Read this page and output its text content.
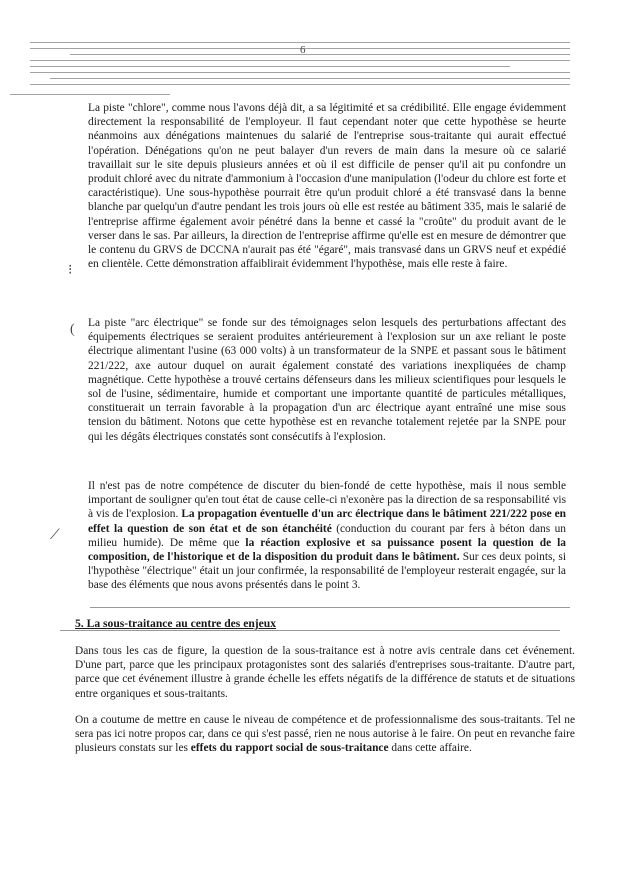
6
La piste "chlore", comme nous l'avons déjà dit, a sa légitimité et sa crédibilité. Elle engage évidemment directement la responsabilité de l'employeur. Il faut cependant noter que cette hypothèse se heurte néanmoins aux dénégations maintenues du salarié de l'entreprise sous-traitante qui aurait effectué l'opération. Dénégations qu'on ne peut balayer d'un revers de main dans la mesure où ce salarié travaillait sur le site depuis plusieurs années et où il est difficile de penser qu'il ait pu confondre un produit chloré avec du nitrate d'ammonium à l'occasion d'une manipulation (l'odeur du chlore est forte et caractéristique). Une sous-hypothèse pourrait être qu'un produit chloré a été transvasé dans la benne blanche par quelqu'un d'autre pendant les trois jours où elle est restée au bâtiment 335, mais le salarié de l'entreprise affirme également avoir pénétré dans la benne et cassé la "croûte" du produit avant de le verser dans le sas. Par ailleurs, la direction de l'entreprise affirme qu'elle est en mesure de démontrer que le contenu du GRVS de DCCNA n'aurait pas été "égaré", mais transvasé dans un GRVS neuf et expédié en clientèle. Cette démonstration affaiblirait évidemment l'hypothèse, mais elle reste à faire.
⁝
( La piste "arc électrique" se fonde sur des témoignages selon lesquels des perturbations affectant des équipements électriques se seraient produites antérieurement à l'explosion sur un axe reliant le poste électrique alimentant l'usine (63 000 volts) à un transformateur de la SNPE et passant sous le bâtiment 221/222, axe autour duquel on aurait également constaté des variations inexpliquées de champ magnétique. Cette hypothèse a trouvé certains défenseurs dans les milieux scientifiques pour lesquels le sol de l'usine, sédimentaire, humide et comportant une importante quantité de particules métalliques, constituerait un terrain favorable à la propagation d'un arc électrique ayant entraîné une mise sous tension du bâtiment. Notons que cette hypothèse est en revanche totalement rejetée par la SNPE pour qui les dégâts électriques constatés sont consécutifs à l'explosion.
⟋
Il n'est pas de notre compétence de discuter du bien-fondé de cette hypothèse, mais il nous semble important de souligner qu'en tout état de cause celle-ci n'exonère pas la direction de sa responsabilité vis à vis de l'explosion. La propagation éventuelle d'un arc électrique dans le bâtiment 221/222 pose en effet la question de son état et de son étanchéité (conduction du courant par fers à béton dans un milieu humide). De même que la réaction explosive et sa puissance posent la question de la composition, de l'historique et de la disposition du produit dans le bâtiment. Sur ces deux points, si l'hypothèse "électrique" était un jour confirmée, la responsabilité de l'employeur resterait engagée, sur la base des éléments que nous avons présentés dans le point 3.
5. La sous-traitance au centre des enjeux
Dans tous les cas de figure, la question de la sous-traitance est à notre avis centrale dans cet événement. D'une part, parce que les principaux protagonistes sont des salariés d'entreprises sous-traitante. D'autre part, parce que cet événement illustre à grande échelle les effets négatifs de la différence de statuts et de situations entre organiques et sous-traitants.
On a coutume de mettre en cause le niveau de compétence et de professionnalisme des sous-traitants. Tel ne sera pas ici notre propos car, dans ce qui s'est passé, rien ne nous autorise à le faire. On peut en revanche faire plusieurs constats sur les effets du rapport social de sous-traitance dans cette affaire.
